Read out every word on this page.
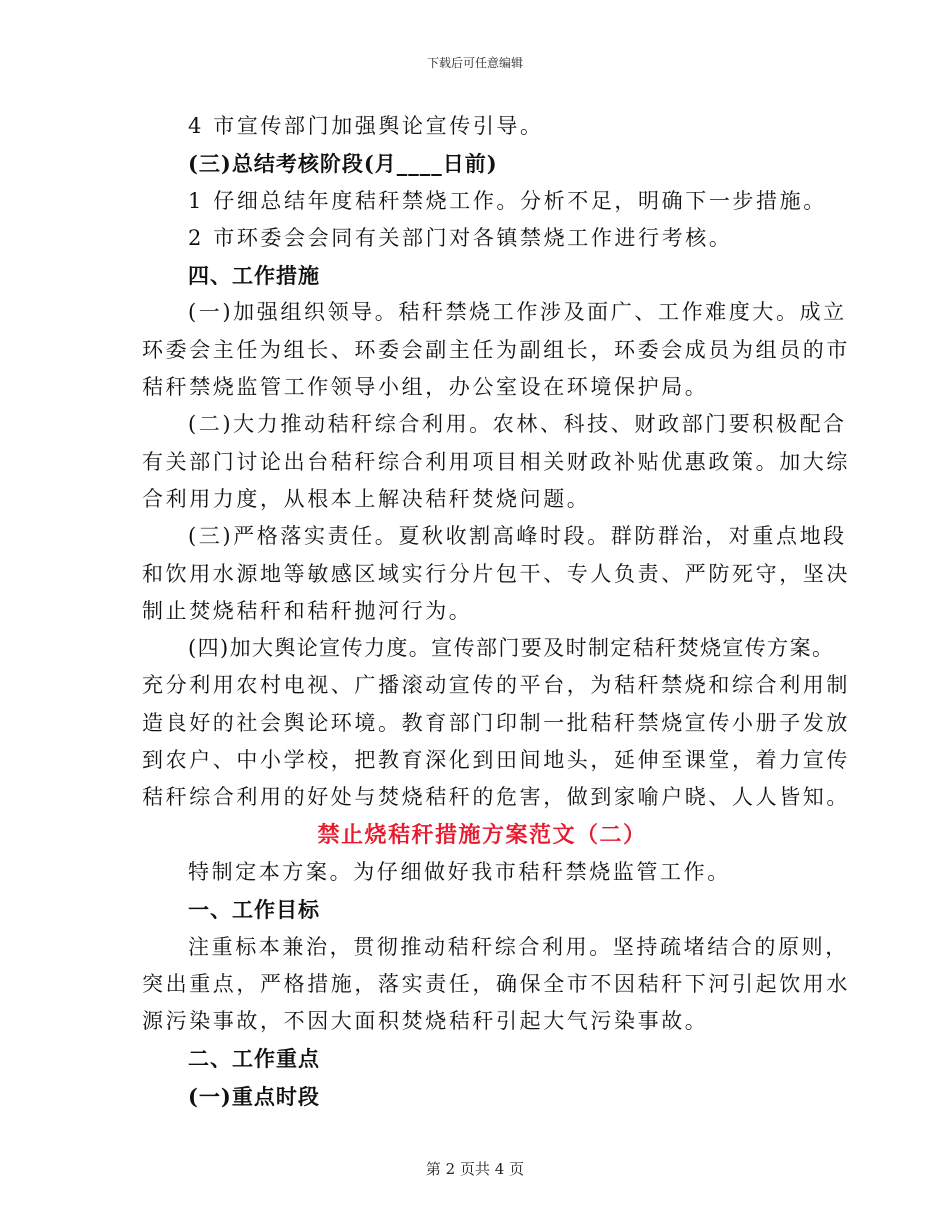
下载后可任意编辑
4 市宣传部门加强舆论宣传引导。
(三)总结考核阶段(月____日前)
1 仔细总结年度秸秆禁烧工作。分析不足，明确下一步措施。
2 市环委会会同有关部门对各镇禁烧工作进行考核。
四、工作措施
(一)加强组织领导。秸秆禁烧工作涉及面广、工作难度大。成立
环委会主任为组长、环委会副主任为副组长，环委会成员为组员的市
秸秆禁烧监管工作领导小组，办公室设在环境保护局。
(二)大力推动秸秆综合利用。农林、科技、财政部门要积极配合
有关部门讨论出台秸秆综合利用项目相关财政补贴优惠政策。加大综
合利用力度，从根本上解决秸秆焚烧问题。
(三)严格落实责任。夏秋收割高峰时段。群防群治，对重点地段
和饮用水源地等敏感区域实行分片包干、专人负责、严防死守，坚决
制止焚烧秸秆和秸秆抛河行为。
(四)加大舆论宣传力度。宣传部门要及时制定秸秆焚烧宣传方案。
充分利用农村电视、广播滚动宣传的平台，为秸秆禁烧和综合利用制
造良好的社会舆论环境。教育部门印制一批秸秆禁烧宣传小册子发放
到农户、中小学校，把教育深化到田间地头，延伸至课堂，着力宣传
秸秆综合利用的好处与焚烧秸秆的危害，做到家喻户晓、人人皆知。
禁止烧秸秆措施方案范文（二）
特制定本方案。为仔细做好我市秸秆禁烧监管工作。
一、工作目标
注重标本兼治，贯彻推动秸秆综合利用。坚持疏堵结合的原则，
突出重点，严格措施，落实责任，确保全市不因秸秆下河引起饮用水
源污染事故，不因大面积焚烧秸秆引起大气污染事故。
二、工作重点
(一)重点时段
第 2 页共 4 页
